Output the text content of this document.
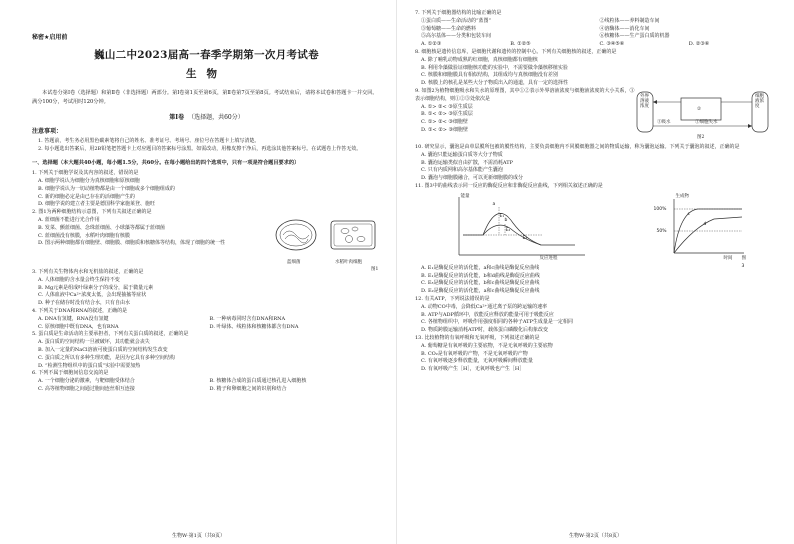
秘密★启用前
巍山二中2023届高一春季学期第一次月考试卷
生物
本试卷分第Ⅰ卷（选择题）和第Ⅱ卷（非选择题）两部分。第Ⅰ卷第1页至第6页，第Ⅱ卷第7页至第8页。考试结束后，请将本试卷和答题卡一并交回。满分100分，考试用时120分钟。
第Ⅰ卷 （选择题，共60分）
注意事项：
1. 答题前，考生务必用黑色碳素笔将自己的姓名、准考证号、考场号、座位号在答题卡上填写清楚。
2. 每小题选出答案后，用2B铅笔把答题卡上对应题目的答案标号涂黑。如需改动，用橡皮擦干净后，再选涂其他答案标号。在试题卷上作答无效。
一、选择题（本大题共40小题，每小题1.5分，共60分。在每小题给出的四个选项中，只有一项是符合题目要求的）
1. 下列关于细胞学说及其内容的叙述，错误的是
A. 细胞学说认为细胞分为真核细胞和原核细胞
B. 细胞学说认为一切动植物都是由一个细胞或多个细胞组成的
C. 新的细胞必定是由已存在的活细胞产生的
D. 细胞学说的建立者主要是德国科学家施莱登、施旺
2. 图1为两种细胞结构示意图，下列有关叙述正确的是
A. 蓝细菌不能进行光合作用
B. 发菜、颤蓝细菌、念珠蓝细菌、小球藻等都属于蓝细菌
C. 蓝细菌没有核膜，水稻叶肉细胞有核膜
D. 图示两种细胞都有细胞壁、细胞膜、细胞质和核糖体等结构，体现了细胞的统一性
蓝细菌	水稻叶肉细胞
图1
3. 下列有关生物体内水和无机盐的叙述，正确的是
A. 人体细胞的含水量会终生保持不变
B. Mg元素是组成叶绿素分子的成分，属于微量元素
C. 人体血液中Ca²⁺浓度太低，会出现抽搐等症状
D. 种子在储存时没有结合水，只有自由水
4. 下列关于DNA和RNA的叙述，正确的是
A. DNA有氢键，RNA没有氢键	B. 一种病毒同时含有DNA和RNA
C. 原核细胞中既有DNA，也有RNA	D. 叶绿体、线粒体和核糖体都含有DNA
5. 蛋白质是生命活动的主要承担者，下列有关蛋白质的叙述，正确的是
A. 蛋白质的空间结构一旦被破坏，其功能就会丧失
B. 加入一定量的NaCl溶液可使蛋白质的空间结构发生改变
C. 蛋白质之所以有多种生理功能，是因为它具有多种空间结构
D. “检测生物组织中的蛋白质”实验中需要加热
6. 下列不属于细胞间信息交流的是
A. 一个细胞分泌的激素，与靶细胞受体结合	B. 核糖体合成的蛋白质通过核孔进入细胞核
C. 高等植物细胞之间通过胞间连丝相互连接	D. 精子和卵细胞之间的识别和结合
生物W·第1页（共8页）
7. 下列关于细胞器结构的比喻正确的是
①蛋白质——生命活动的“蓝图”	②线粒体——养料制造车间
③葡萄糖——生命的燃料	④溶酶体——消化车间
⑤高尔基体——分类和包装车间	⑥核糖体——生产蛋白质的机器
A. ①②③	B. ①②⑤	C. ③④⑤⑥	D. ②③⑥
8. 细胞核是遗传信息库，是细胞代谢和遗传的控制中心。下列有关细胞核的叙述，正确的是
A. 除了哺乳动物成熟的红细胞，真核细胞都有细胞核
B. 利用伞藻做验证细胞核功能的实验中，不需要做伞藻核移植实验
C. 核膜和细胞膜具有相似结构，其组成均与真核细胞没有差别
D. 核膜上的核孔是某些大分子物质出入的通道，具有一定的选择性
9. 如图2为植物细胞吸水和失水的原理图，其中①②表示外界溶液浓度与细胞液浓度的大小关系，③表示细胞结构，则①②③处依次是
A. ①> ②< ③原生质层
B. ①< ②> ③原生质层
C. ①> ②< ③细胞壁
D. ①< ②> ③细胞壁
外界溶液浓度
细胞液浓度
③吸水	①细胞失水
②
图2
10. 研究显示，囊泡是由单层膜所包被的膜性结构，主要负责细胞内不同膜细胞器之间的物质运输，称为囊泡运输。下列关于囊泡的叙述，正确的是
A. 囊泡只能运输蛋白质等大分子物质
B. 囊泡运输类似自由扩散，不需消耗ATP
C. 只有内质网和高尔基体能产生囊泡
D. 囊泡与细胞膜融合，可以更新细胞膜的成分
11. 图3中的曲线表示同一反应的酶促反应和非酶促反应曲线，下列相关叙述正确的是
能量
反应进程
a
b
E₁
E₂
E₃
生成物
100%
50%
时间
c
d
图3
A. E₁是酶促反应的活化能，a和c曲线是酶促反应曲线
B. E₁是酶促反应的活化能，b和d曲线是酶促反应曲线
C. E₃是酶促反应的活化能，b和c曲线是酶促反应曲线
D. E₂是酶促反应的活化能，a和c曲线是酶促反应曲线
12. 有关ATP，下列说法错误的是
A. 动物CO中毒，会降低Ca²⁺通过离子泵的跨运输的速率
B. ATP与ADP循环中，放能反应释放的能量可用于吸能反应
C. 各植物组织中，呼吸作用强度相同的各种子ATP生成量是一定相同
D. 物质跨膜运输消耗ATP时，载体蛋白磷酸化后构象改变
13. 比较植物的有氧呼吸和无氧呼吸，下列叙述正确的是
A. 葡萄糖是有氧呼吸的主要底物，不是无氧呼吸的主要底物
B. CO₂是有氧呼吸的产物，不是无氧呼吸的产物
C. 有氧呼吸逐步释放能量，无氧呼吸瞬间释放能量
D. 有氧呼吸产生［H］，无氧呼吸也产生［H］
生物W·第2页（共8页）
